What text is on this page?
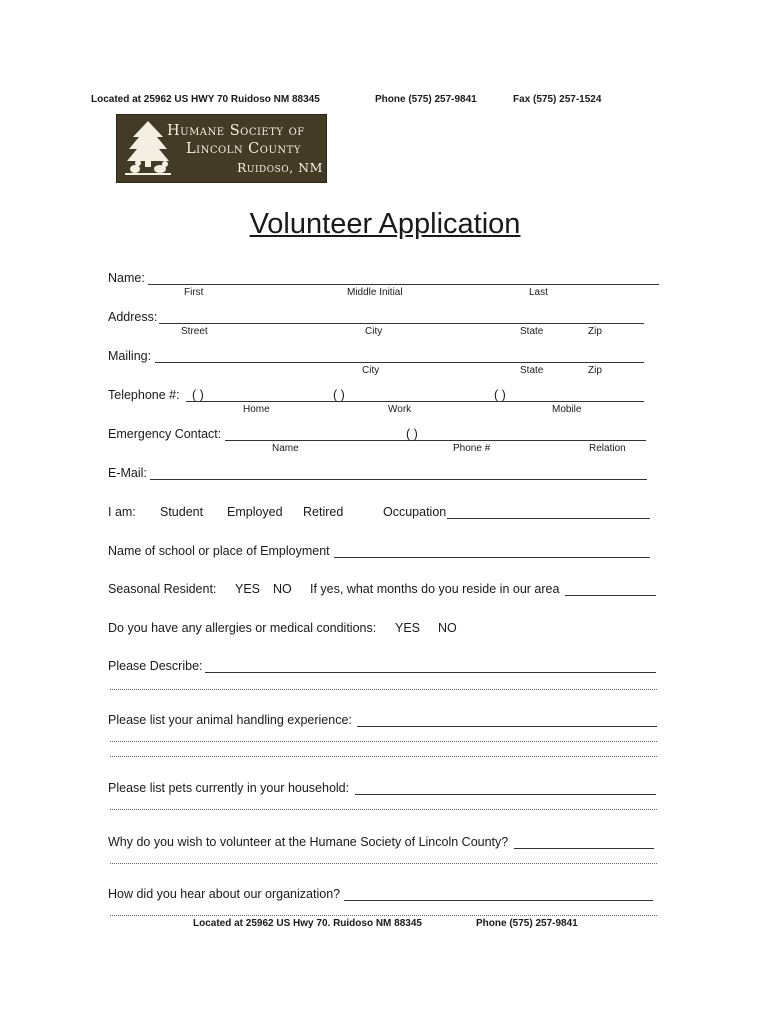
Located at 25962 US HWY 70 Ruidoso NM 88345	Phone (575) 257-9841	Fax (575) 257-1524
Humane Society of
Lincoln County
Ruidoso, NM
Volunteer Application
Name:
First	Middle Initial	Last
Address:
Street	City	State	Zip
Mailing:
City	State	Zip
Telephone #: ( )	( )	( )
Home	Work	Mobile
Emergency Contact:	( )
Name	Phone #	Relation
E-Mail:
I am: Student Employed Retired	Occupation
Name of school or place of Employment
Seasonal Resident: YES NO If yes, what months do you reside in our area
Do you have any allergies or medical conditions: YES NO
Please Describe:
Please list your animal handling experience:
Please list pets currently in your household:
Why do you wish to volunteer at the Humane Society of Lincoln County?
How did you hear about our organization?
Located at 25962 US Hwy 70. Ruidoso NM 88345	Phone (575) 257-9841
